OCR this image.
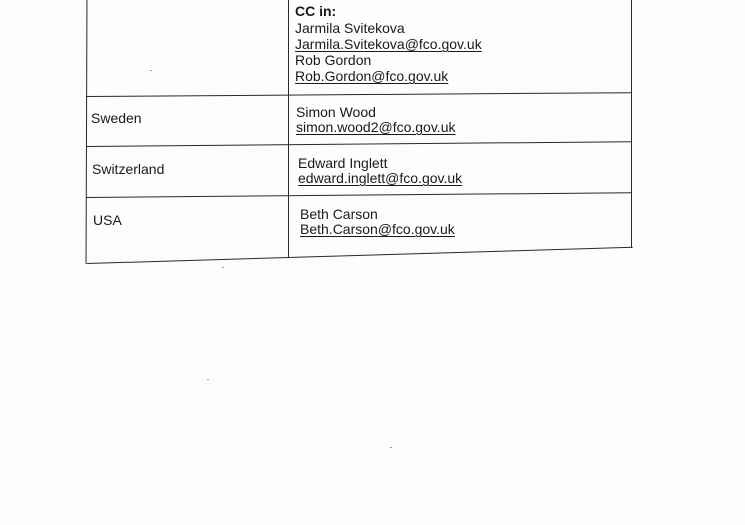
CC in:
Jarmila Svitekova
Jarmila.Svitekova@fco.gov.uk
Rob Gordon
Rob.Gordon@fco.gov.uk
Sweden	Simon Wood
simon.wood2@fco.gov.uk
Switzerland	Edward Inglett
edward.inglett@fco.gov.uk
USA	Beth Carson
Beth.Carson@fco.gov.uk
